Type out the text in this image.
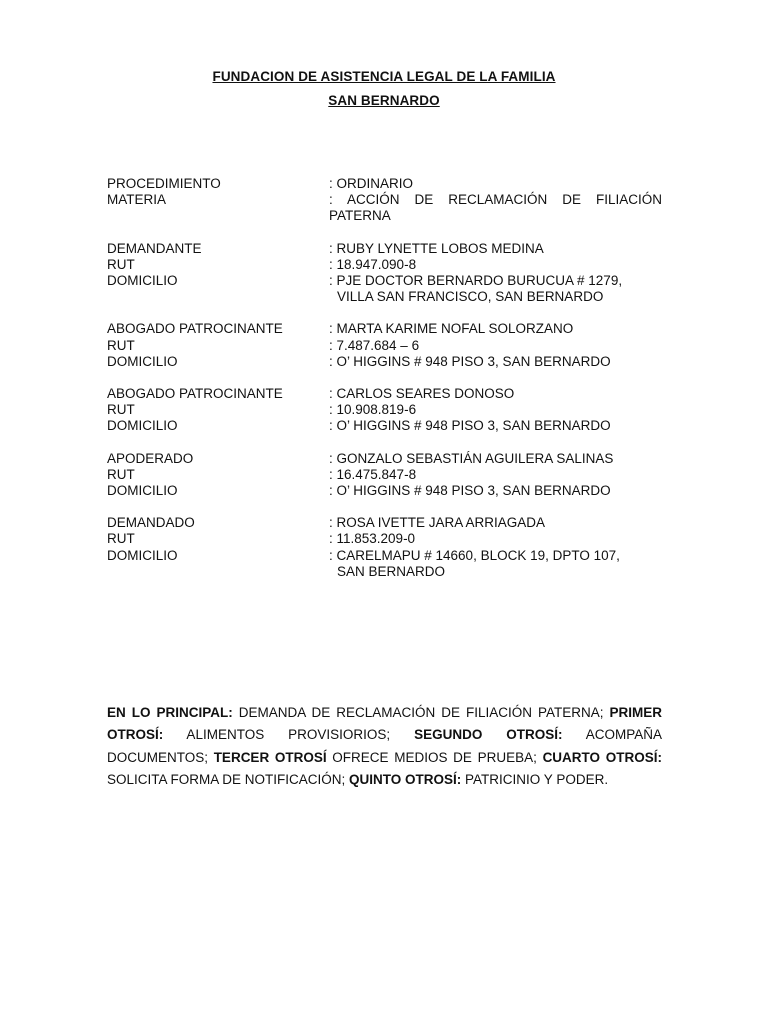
FUNDACION DE ASISTENCIA LEGAL DE LA FAMILIA
SAN BERNARDO
PROCEDIMIENTO	: ORDINARIO
MATERIA	: ACCIÓN DE RECLAMACIÓN DE FILIACIÓN
PATERNA
DEMANDANTE	: RUBY LYNETTE LOBOS MEDINA
RUT	: 18.947.090-8
DOMICILIO	: PJE DOCTOR BERNARDO BURUCUA # 1279,
VILLA SAN FRANCISCO, SAN BERNARDO
ABOGADO PATROCINANTE	: MARTA KARIME NOFAL SOLORZANO
RUT	: 7.487.684 – 6
DOMICILIO	: O’ HIGGINS # 948 PISO 3, SAN BERNARDO
ABOGADO PATROCINANTE	: CARLOS SEARES DONOSO
RUT	: 10.908.819-6
DOMICILIO	: O’ HIGGINS # 948 PISO 3, SAN BERNARDO
APODERADO	: GONZALO SEBASTIÁN AGUILERA SALINAS
RUT	: 16.475.847-8
DOMICILIO	: O’ HIGGINS # 948 PISO 3, SAN BERNARDO
DEMANDADO	: ROSA IVETTE JARA ARRIAGADA
RUT	: 11.853.209-0
DOMICILIO	: CARELMAPU # 14660, BLOCK 19, DPTO 107,
SAN BERNARDO
EN LO PRINCIPAL: DEMANDA DE RECLAMACIÓN DE FILIACIÓN PATERNA; PRIMER OTROSÍ: ALIMENTOS PROVISIORIOS; SEGUNDO OTROSÍ: ACOMPAÑA DOCUMENTOS; TERCER OTROSÍ OFRECE MEDIOS DE PRUEBA; CUARTO OTROSÍ: SOLICITA FORMA DE NOTIFICACIÓN; QUINTO OTROSÍ: PATRICINIO Y PODER.
